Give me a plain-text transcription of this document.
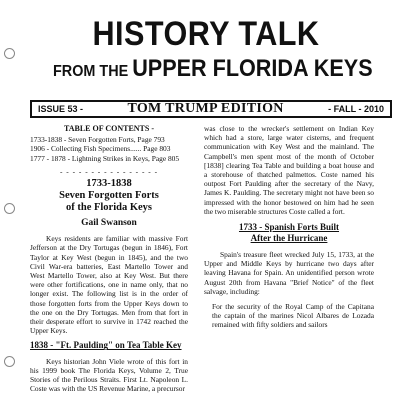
HISTORY TALK
FROM THE UPPER FLORIDA KEYS
ISSUE 53 -	TOM TRUMP EDITION	- FALL - 2010
TABLE OF CONTENTS -
1733-1838 - Seven Forgotten Forts, Page 793
1906 - Collecting Fish Specimens...... Page 803
1777 - 1878 - Lightning Strikes in Keys, Page 805
- - - - - - - - - - - - - - - -
1733-1838
Seven Forgotten Forts
of the Florida Keys
Gail Swanson

Keys residents are familiar with massive Fort Jefferson at the Dry Tortugas (begun in 1846), Fort Taylor at Key West (begun in 1845), and the two Civil War-era batteries, East Martello Tower and West Martello Tower, also at Key West. But there were other fortifications, one in name only, that no longer exist. The following list is in the order of those forgotten forts from the Upper Keys down to the one on the Dry Tortugas. Men from that fort in their desperate effort to survive in 1742 reached the Upper Keys.

1838 - "Ft. Paulding" on Tea Table Key

Keys historian John Viele wrote of this fort in his 1999 book The Florida Keys, Volume 2, True Stories of the Perilous Straits. First Lt. Napoleon L. Coste was with the US Revenue Marine, a precursor

was close to the wrecker's settlement on Indian Key which had a store, large water cisterns, and frequent communication with Key West and the mainland. The Campbell's men spent most of the month of October [1838] clearing Tea Table and building a boat house and a storehouse of thatched palmettos. Coste named his outpost Fort Paulding after the secretary of the Navy, James K. Paulding. The secretary might not have been so impressed with the honor bestowed on him had he seen the two miserable structures Coste called a fort.

1733 - Spanish Forts Built
After the Hurricane

Spain's treasure fleet wrecked July 15, 1733, at the Upper and Middle Keys by hurricane two days after leaving Havana for Spain. An unidentified person wrote August 20th from Havana "Brief Notice" of the fleet salvage, including:

For the security of the Royal Camp of the Capitana the captain of the marines Nicol Albares de Lozada remained with fifty soldiers and sailors
